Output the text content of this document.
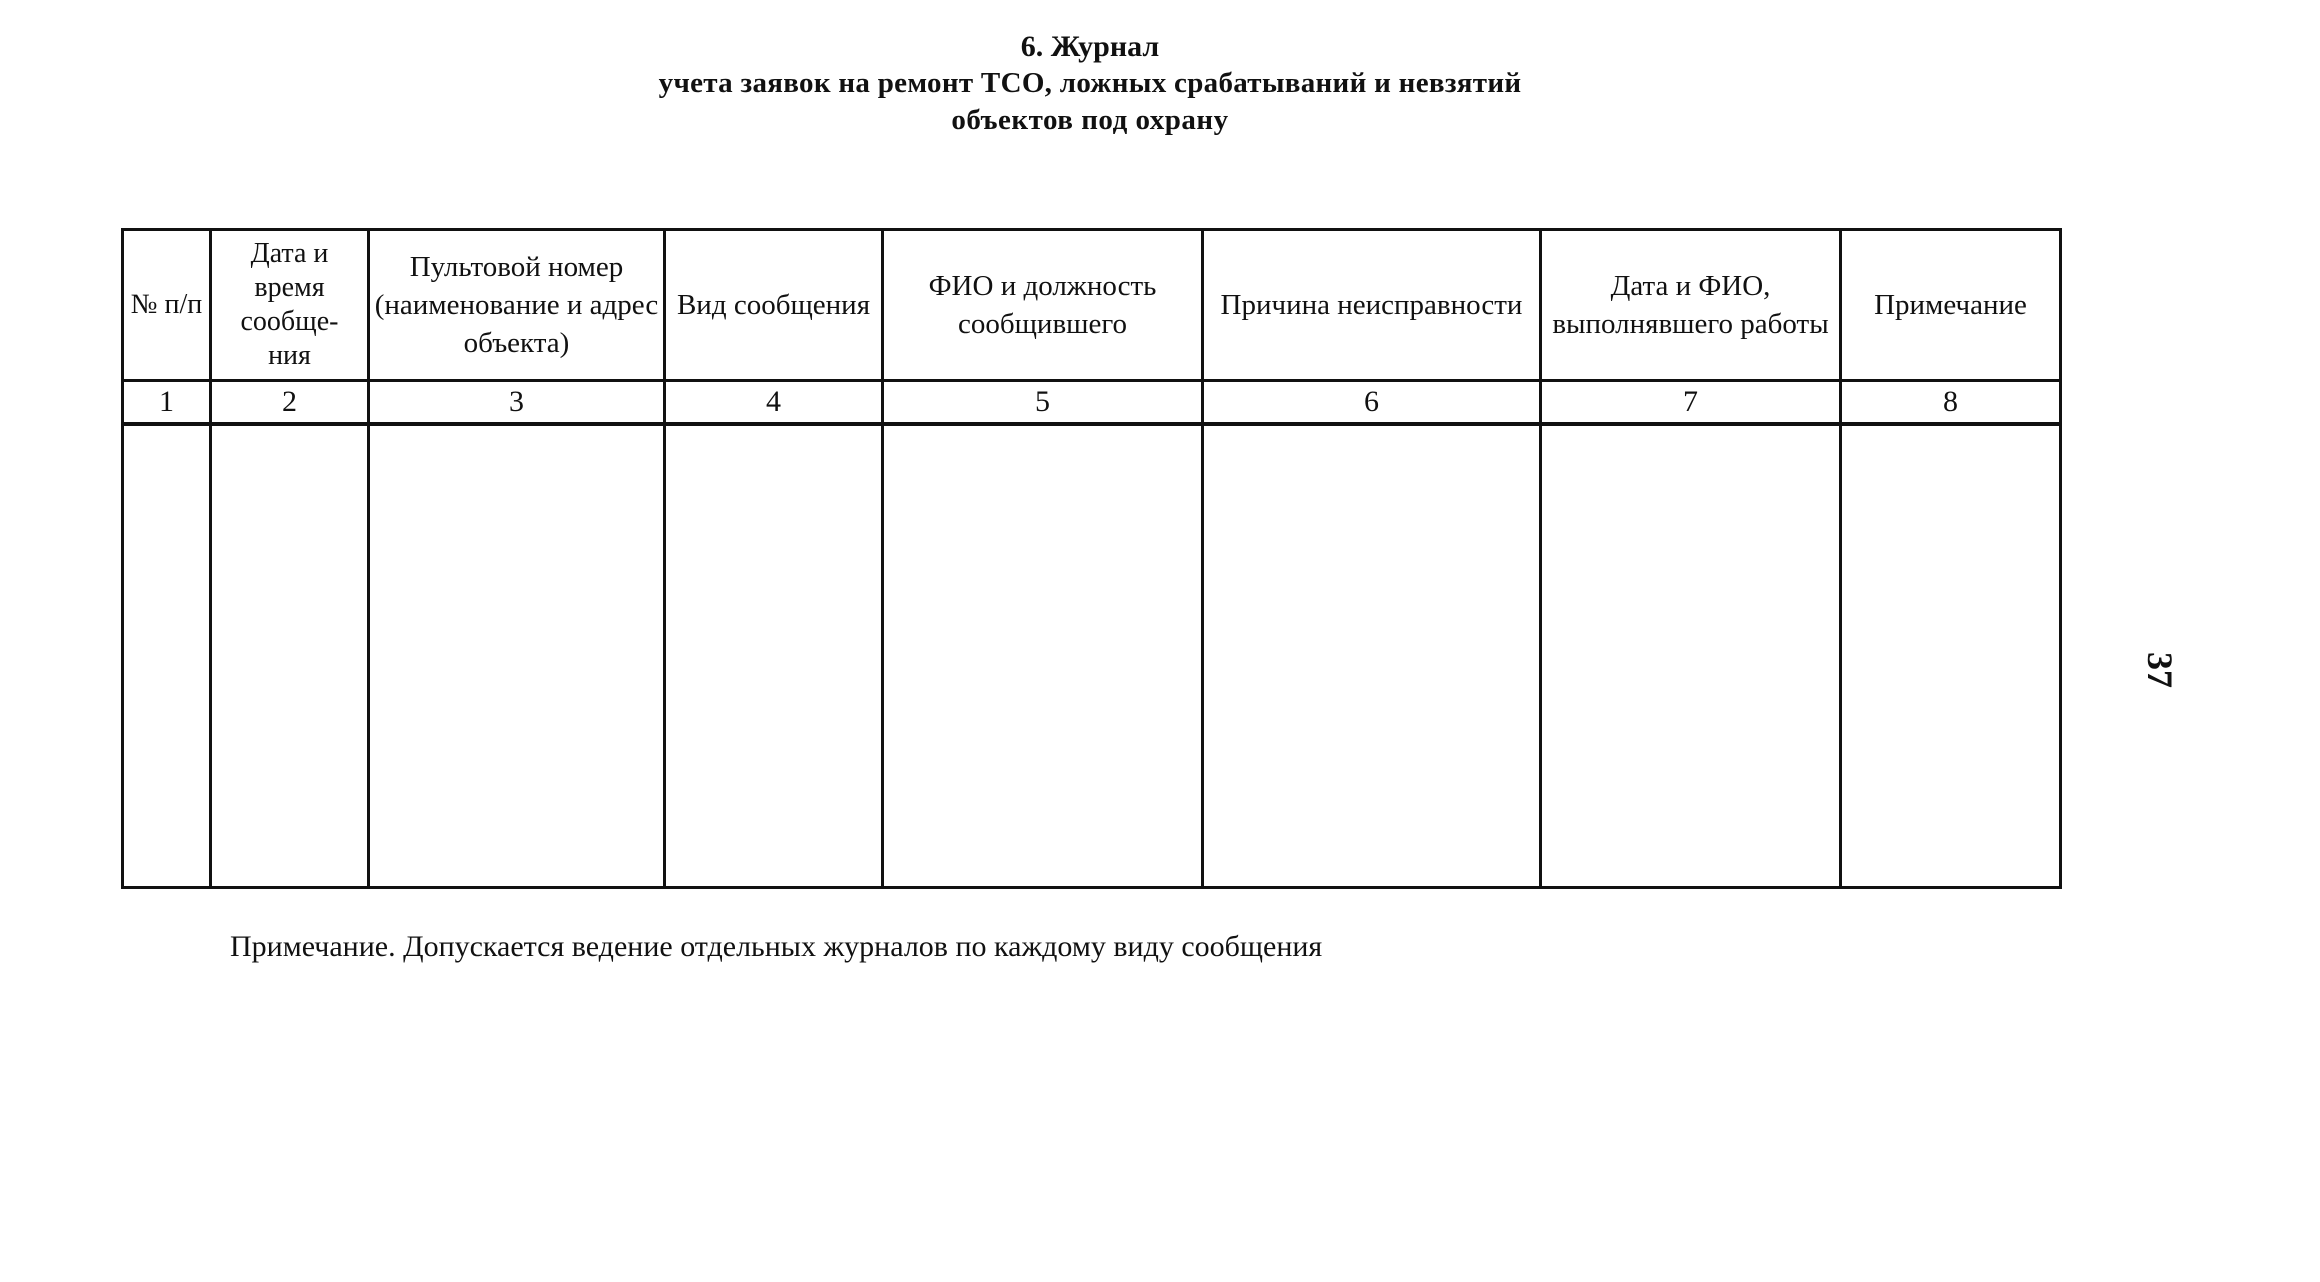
6. Журнал
учета заявок на ремонт ТСО, ложных срабатываний и невзятий
объектов под охрану
№ п/п	Дата и время сообще- ния	Пультовой номер (наименование и адрес объекта)	Вид сообщения	ФИО и должность сообщившего	Причина неисправности	Дата и ФИО, выполнявшего работы	Примечание
1	2	3	4	5	6	7	8

Примечание. Допускается ведение отдельных журналов по каждому виду сообщения
37
